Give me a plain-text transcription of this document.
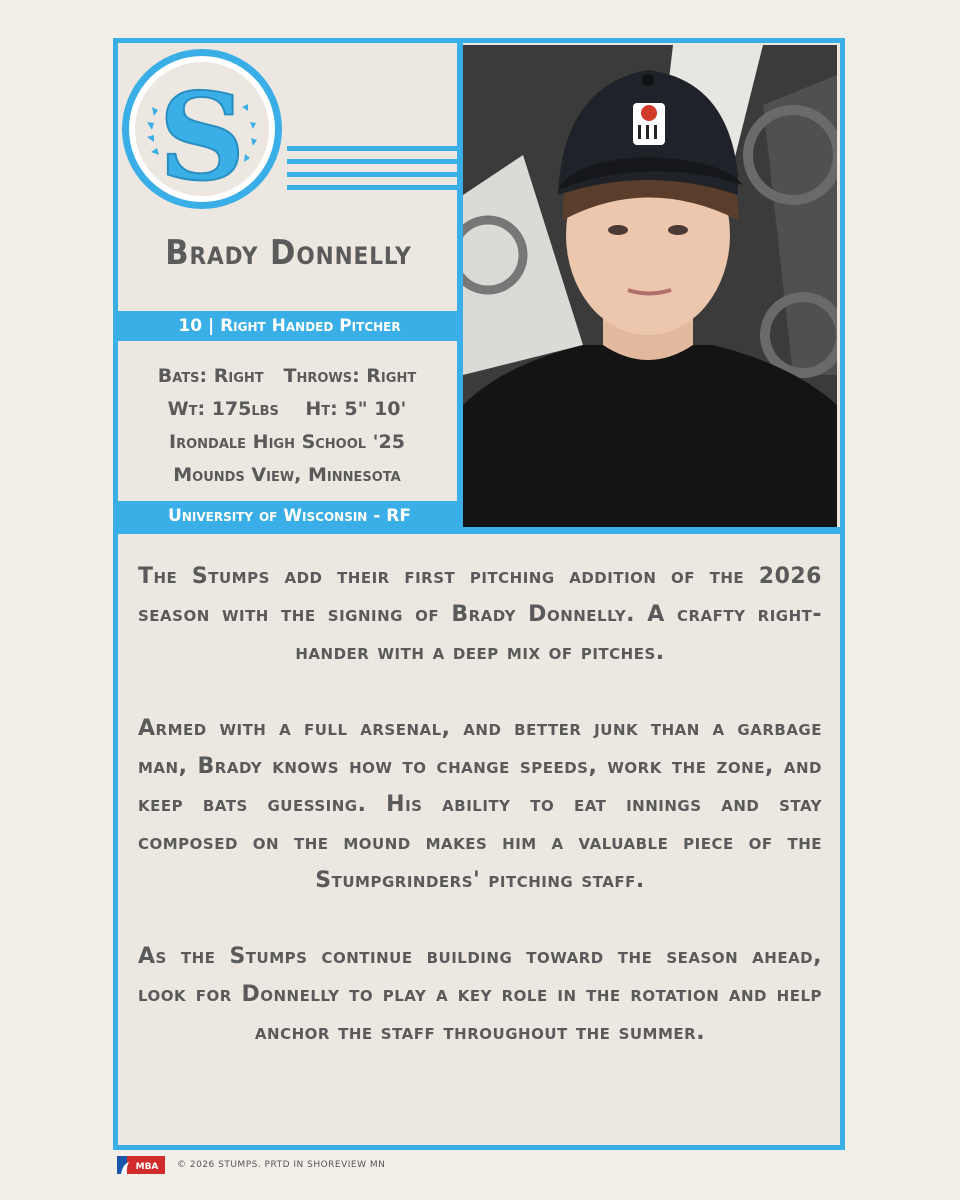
S
Brady Donnelly
10 | Right Handed Pitcher
Bats: Right   Throws: Right
Wt: 175lbs    Ht: 5" 10'
Irondale High School '25
Mounds View, Minnesota
University of Wisconsin - RF

The Stumps add their first pitching addition of the 2026 season with the signing of Brady Donnelly. A crafty right-hander with a deep mix of pitches.

Armed with a full arsenal, and better junk than a garbage man, Brady knows how to change speeds, work the zone, and keep bats guessing. His ability to eat innings and stay composed on the mound makes him a valuable piece of the Stumpgrinders' pitching staff.

As the Stumps continue building toward the season ahead, look for Donnelly to play a key role in the rotation and help anchor the staff throughout the summer.

MBA © 2026 STUMPS. PRTD IN SHOREVIEW MN
